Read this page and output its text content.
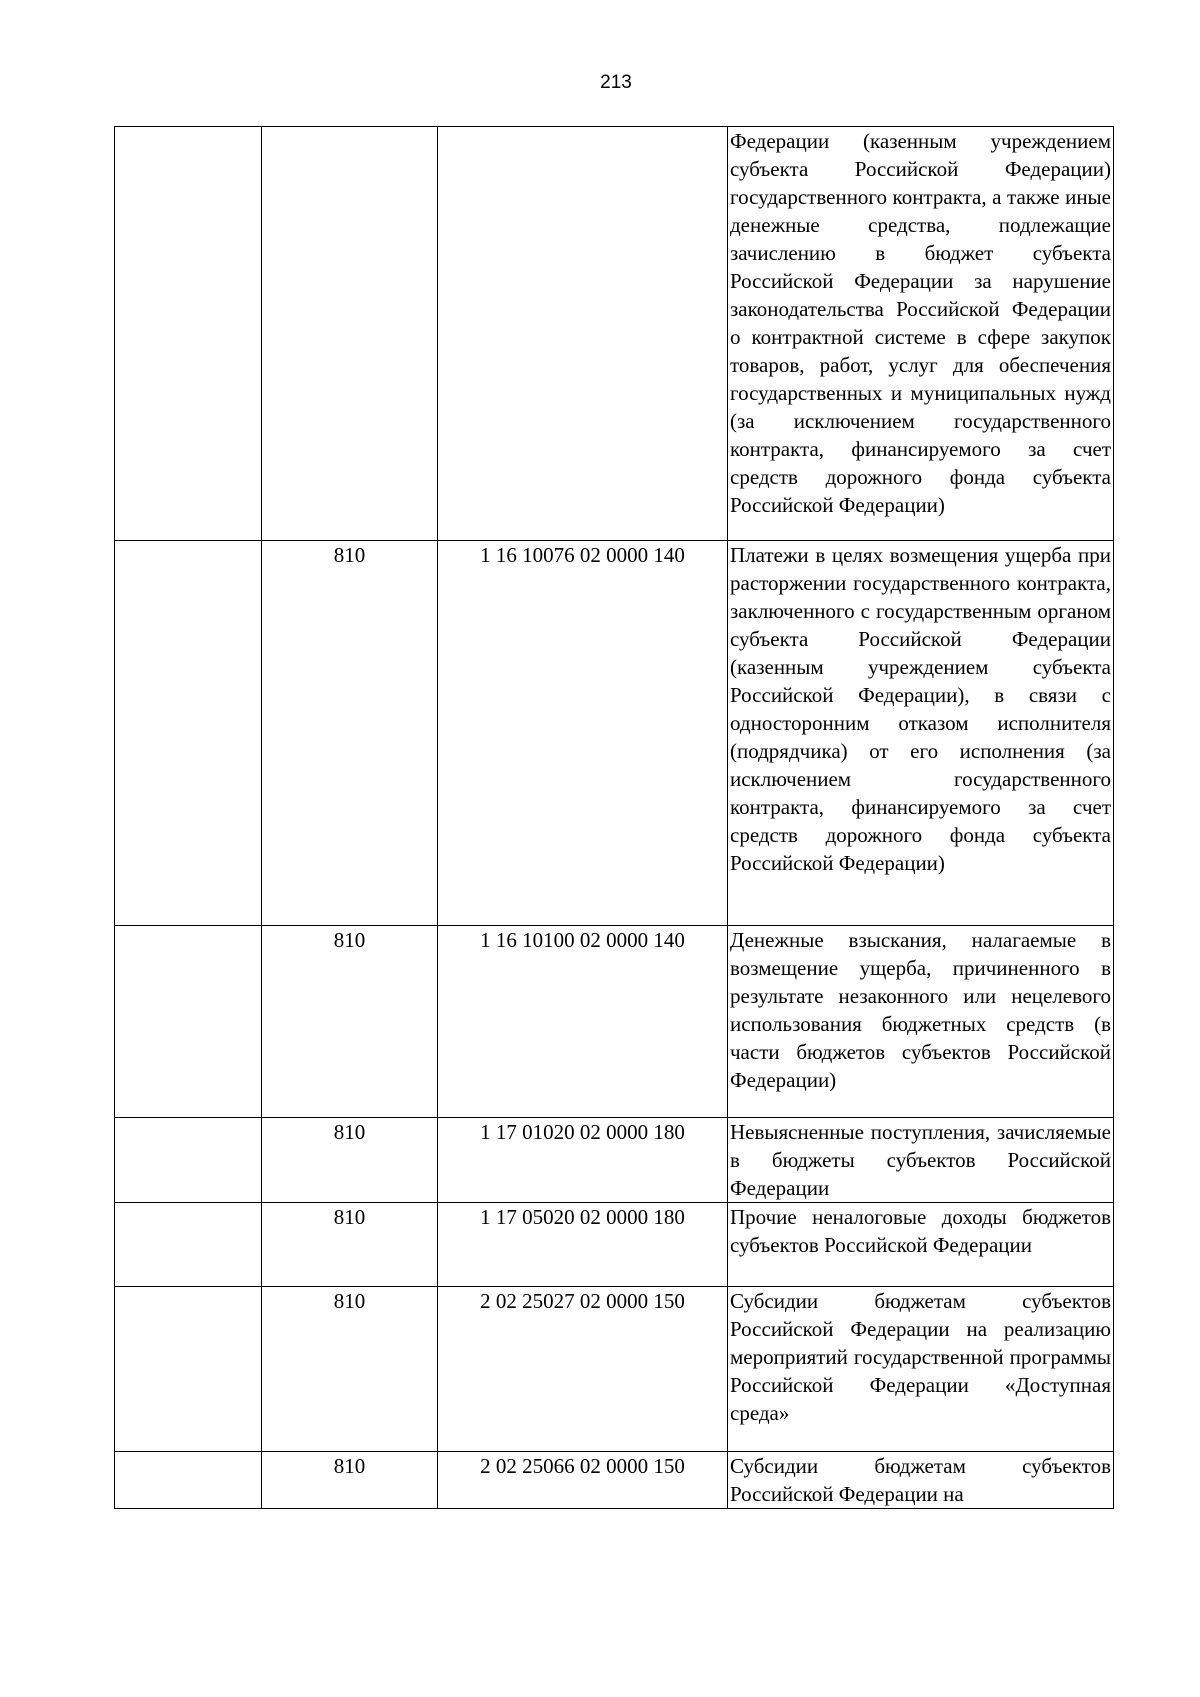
213
			Федерации (казенным учреждением субъекта Российской Федерации) государственного контракта, а также иные денежные средства, подлежащие зачислению в бюджет субъекта Российской Федерации за нарушение законодательства Российской Федерации о контрактной системе в сфере закупок товаров, работ, услуг для обеспечения государственных и муниципальных нужд (за исключением государственного контракта, финансируемого за счет средств дорожного фонда субъекта Российской Федерации)
	810	1 16 10076 02 0000 140	Платежи в целях возмещения ущерба при расторжении государственного контракта, заключенного с государственным органом субъекта Российской Федерации (казенным учреждением субъекта Российской Федерации), в связи с односторонним отказом исполнителя (подрядчика) от его исполнения (за исключением государственного контракта, финансируемого за счет средств дорожного фонда субъекта Российской Федерации)
	810	1 16 10100 02 0000 140	Денежные взыскания, налагаемые в возмещение ущерба, причиненного в результате незаконного или нецелевого использования бюджетных средств (в части бюджетов субъектов Российской Федерации)
	810	1 17 01020 02 0000 180	Невыясненные поступления, зачисляемые в бюджеты субъектов Российской Федерации
	810	1 17 05020 02 0000 180	Прочие неналоговые доходы бюджетов субъектов Российской Федерации
	810	2 02 25027 02 0000 150	Субсидии бюджетам субъектов Российской Федерации на реализацию мероприятий государственной программы Российской Федерации «Доступная среда»
	810	2 02 25066 02 0000 150	Субсидии бюджетам субъектов Российской Федерации на
